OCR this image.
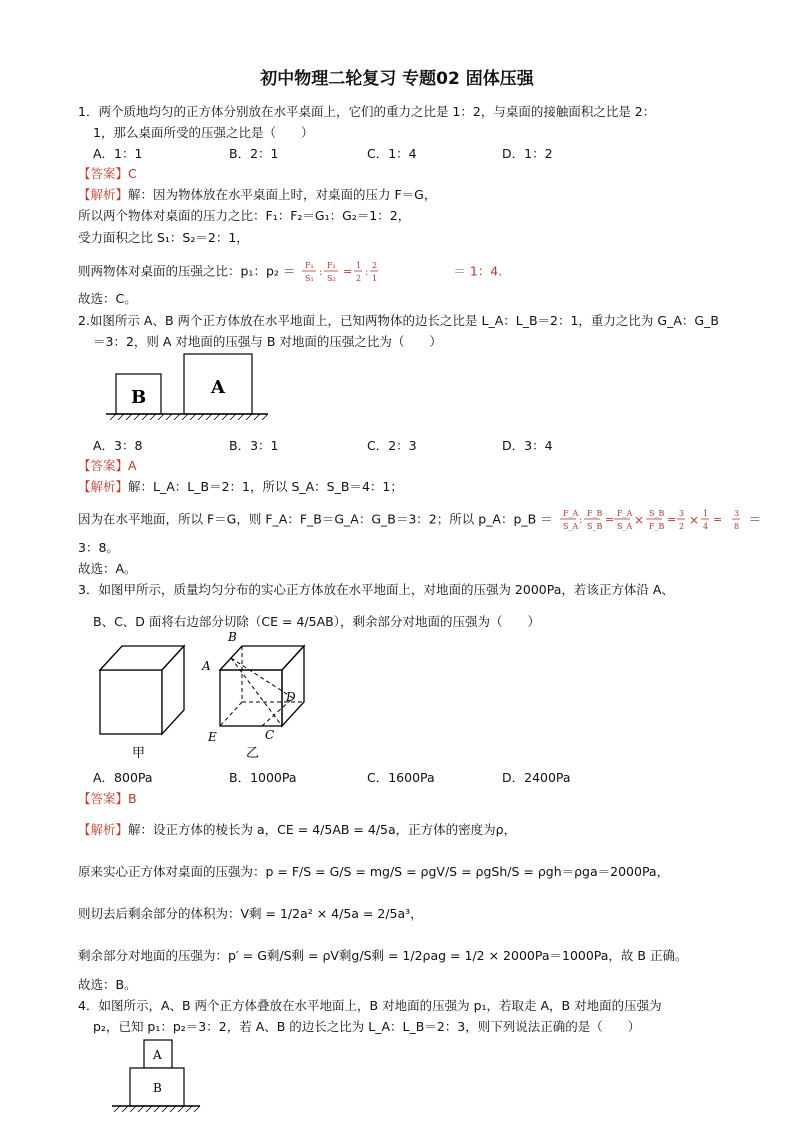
初中物理二轮复习 专题02 固体压强
1．两个质地均匀的正方体分别放在水平桌面上，它们的重力之比是 1：2，与桌面的接触面积之比是 2：
1，那么桌面所受的压强之比是（　　）
A．1：1	B．2：1	C．1：4	D．1：2
【答案】C
【解析】解：因为物体放在水平桌面上时，对桌面的压力 F＝G，
所以两个物体对桌面的压力之比：F₁：F₂＝G₁：G₂＝1：2，
受力面积之比 S₁：S₂＝2：1，
则两物体对桌面的压强之比：p₁：p₂ ＝ F₁
S₁
:
F₂
S₂
= 1
2
:
2
1	＝ 1：4.
故选：C。
2.如图所示 A、B 两个正方体放在水平地面上，已知两物体的边长之比是 L_A：L_B＝2：1，重力之比为 G_A：G_B
＝3：2，则 A 对地面的压强与 B 对地面的压强之比为（　　）
B	A
A．3：8	B．3：1	C．2：3	D．3：4
【答案】A
【解析】解：L_A：L_B＝2：1，所以 S_A：S_B＝4：1；
因为在水平地面，所以 F＝G，则 F_A：F_B＝G_A：G_B＝3：2；所以 p_A：p_B ＝ F_A
S_A
:
F_B
S_B
= F_A
S_A × S_B
F_B
= 3
2 × 1
4
=
3
8 ＝
3：8。
故选：A。
3．如图甲所示，质量均匀分布的实心正方体放在水平地面上，对地面的压强为 2000Pa，若该正方体沿 A、
B、C、D 面将右边部分切除（CE = 4/5AB），剩余部分对地面的压强为（　　）
甲
A
B
C
D
E
乙
A．800Pa	B．1000Pa	C．1600Pa	D．2400Pa
【答案】B
【解析】解：设正方体的棱长为 a，CE = 4/5AB = 4/5a，正方体的密度为ρ，
原来实心正方体对桌面的压强为：p = F/S = G/S = mg/S = ρgV/S = ρgSh/S = ρgh＝ρga＝2000Pa，
则切去后剩余部分的体积为：V剩 = 1/2a² × 4/5a = 2/5a³，
剩余部分对地面的压强为：p′ = G剩/S剩 = ρV剩g/S剩 = 1/2ρag = 1/2 × 2000Pa＝1000Pa，故 B 正确。
故选：B。
4．如图所示，A、B 两个正方体叠放在水平地面上，B 对地面的压强为 p₁，若取走 A，B 对地面的压强为
p₂，已知 p₁：p₂＝3：2，若 A、B 的边长之比为 L_A：L_B＝2：3，则下列说法正确的是（　　）
A
B
